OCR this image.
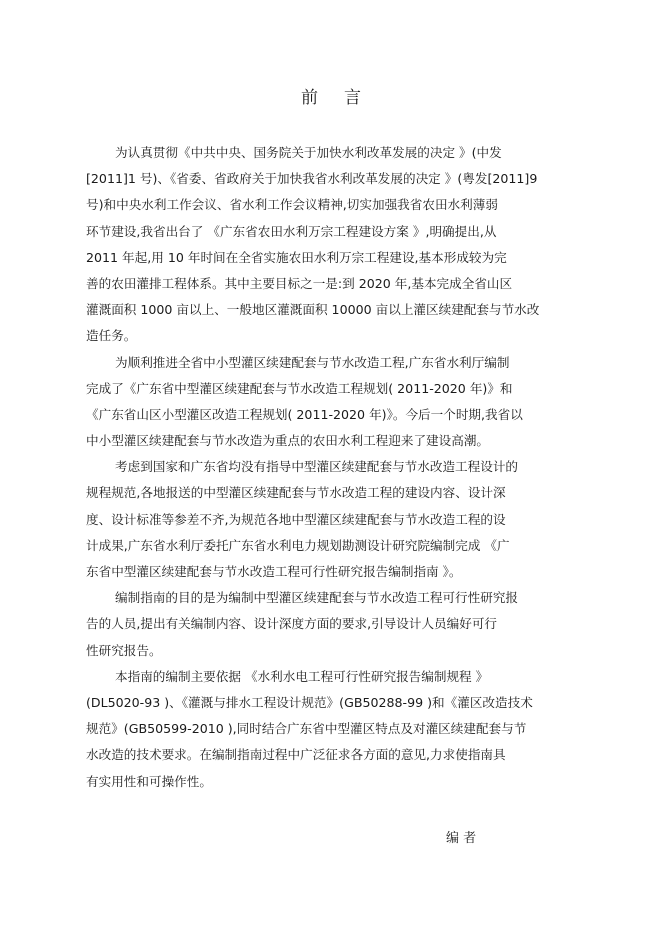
前 言
为认真贯彻《中共中央、国务院关于加快水利改革发展的决定 》(中发
[2011]1 号)、《省委、省政府关于加快我省水利改革发展的决定 》(粤发[2011]9
号)和中央水利工作会议、省水利工作会议精神,切实加强我省农田水利薄弱
环节建设,我省出台了 《广东省农田水利万宗工程建设方案 》,明确提出,从
2011 年起,用 10 年时间在全省实施农田水利万宗工程建设,基本形成较为完
善的农田灌排工程体系。其中主要目标之一是:到 2020 年,基本完成全省山区
灌溉面积 1000 亩以上、一般地区灌溉面积 10000 亩以上灌区续建配套与节水改
造任务。
为顺利推进全省中小型灌区续建配套与节水改造工程,广东省水利厅编制
完成了《广东省中型灌区续建配套与节水改造工程规划( 2011-2020 年)》和
《广东省山区小型灌区改造工程规划( 2011-2020 年)》。今后一个时期,我省以
中小型灌区续建配套与节水改造为重点的农田水利工程迎来了建设高潮。
考虑到国家和广东省均没有指导中型灌区续建配套与节水改造工程设计的
规程规范,各地报送的中型灌区续建配套与节水改造工程的建设内容、设计深
度、设计标准等参差不齐,为规范各地中型灌区续建配套与节水改造工程的设
计成果,广东省水利厅委托广东省水利电力规划勘测设计研究院编制完成 《广
东省中型灌区续建配套与节水改造工程可行性研究报告编制指南 》。
编制指南的目的是为编制中型灌区续建配套与节水改造工程可行性研究报
告的人员,提出有关编制内容、设计深度方面的要求,引导设计人员编好可行
性研究报告。
本指南的编制主要依据 《水利水电工程可行性研究报告编制规程 》
(DL5020-93 )、《灌溉与排水工程设计规范》(GB50288-99 )和《灌区改造技术
规范》(GB50599-2010 ),同时结合广东省中型灌区特点及对灌区续建配套与节
水改造的技术要求。在编制指南过程中广泛征求各方面的意见,力求使指南具
有实用性和可操作性。
编 者
